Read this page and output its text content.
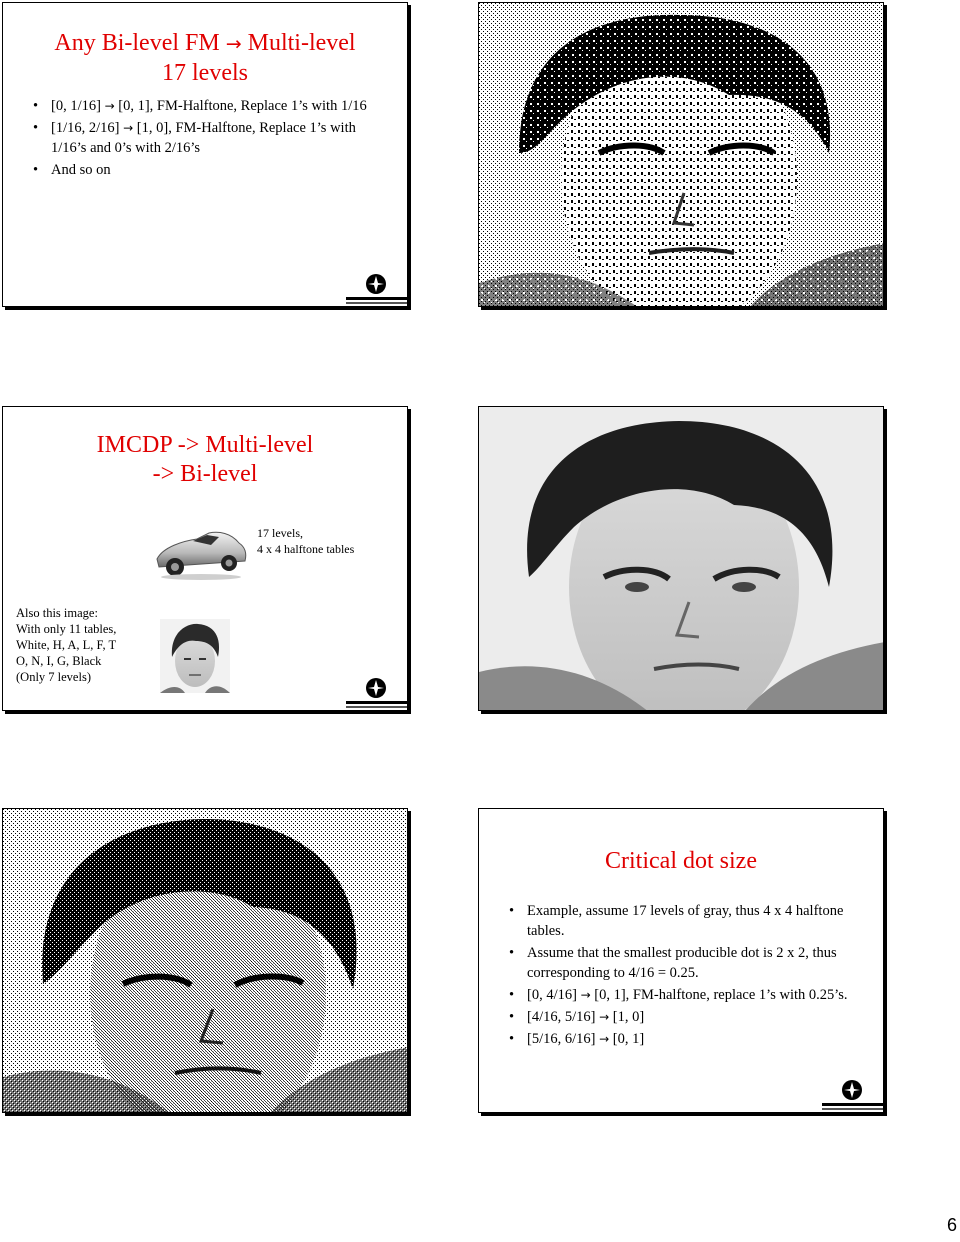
Any Bi-level FM → Multi-level
17 levels
• [0, 1/16] → [0, 1], FM-Halftone, Replace 1’s with 1/16
• [1/16, 2/16] → [1, 0], FM-Halftone, Replace 1’s with 1/16’s and 0’s with 2/16’s
• And so on
IMCDP -> Multi-level
-> Bi-level
17 levels,
4 x 4 halftone tables
Also this image:
With only 11 tables,
White, H, A, L, F, T
O, N, I, G, Black
(Only 7 levels)
Critical dot size
• Example, assume 17 levels of gray, thus 4 x 4 halftone tables.
• Assume that the smallest producible dot is 2 x 2, thus corresponding to 4/16 = 0.25.
• [0, 4/16] → [0, 1], FM-halftone, replace 1’s with 0.25’s.
• [4/16, 5/16] → [1, 0]
• [5/16, 6/16] → [0, 1]
6
